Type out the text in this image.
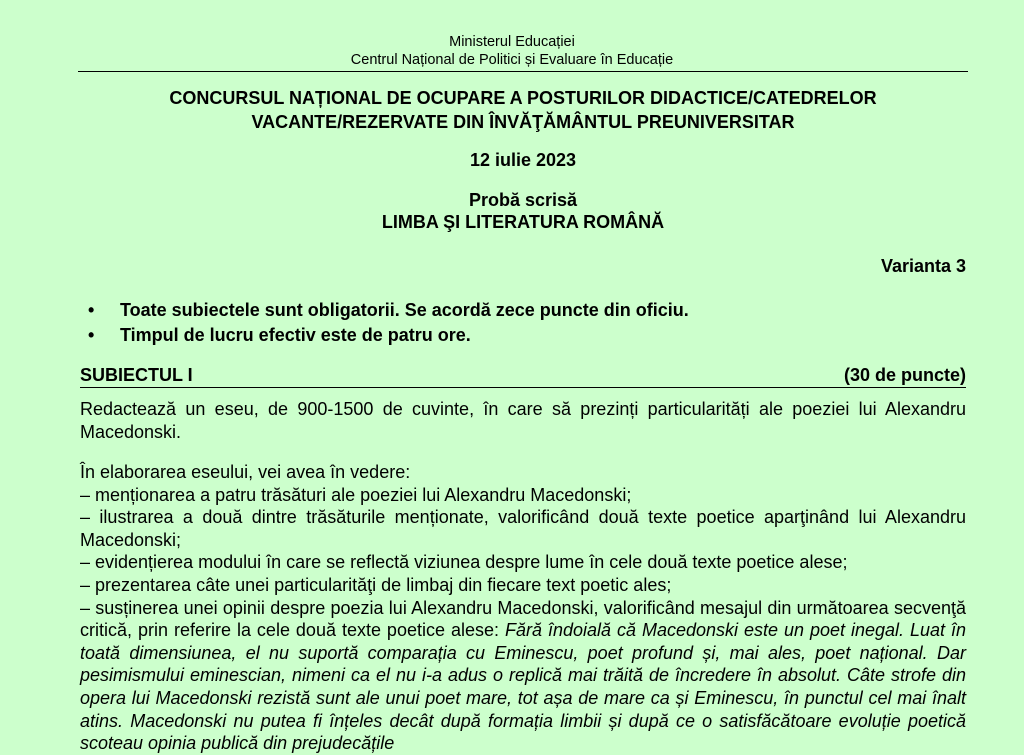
Ministerul Educației
Centrul Național de Politici și Evaluare în Educație
CONCURSUL NAȚIONAL DE OCUPARE A POSTURILOR DIDACTICE/CATEDRELOR
VACANTE/REZERVATE DIN ÎNVĂŢĂMÂNTUL PREUNIVERSITAR
12 iulie 2023
Probă scrisă
LIMBA ŞI LITERATURA ROMÂNĂ
Varianta 3
• Toate subiectele sunt obligatorii. Se acordă zece puncte din oficiu.
• Timpul de lucru efectiv este de patru ore.
SUBIECTUL I	(30 de puncte)

Redactează un eseu, de 900-1500 de cuvinte, în care să prezinți particularități ale poeziei lui Alexandru Macedonski.

În elaborarea eseului, vei avea în vedere:

– menționarea a patru trăsături ale poeziei lui Alexandru Macedonski;

– ilustrarea a două dintre trăsăturile menționate, valorificând două texte poetice aparţinând lui Alexandru Macedonski;

– evidențierea modului în care se reflectă viziunea despre lume în cele două texte poetice alese;

– prezentarea câte unei particularităţi de limbaj din fiecare text poetic ales;

– susținerea unei opinii despre poezia lui Alexandru Macedonski, valorificând mesajul din următoarea secvenţă critică, prin referire la cele două texte poetice alese: Fără îndoială că Macedonski este un poet inegal. Luat în toată dimensiunea, el nu suportă comparația cu Eminescu, poet profund și, mai ales, poet național. Dar pesimismului eminescian, nimeni ca el nu i-a adus o replică mai trăită de încredere în absolut. Câte strofe din opera lui Macedonski rezistă sunt ale unui poet mare, tot așa de mare ca și Eminescu, în punctul cel mai înalt atins. Macedonski nu putea fi înțeles decât după formația limbii și după ce o satisfăcătoare evoluție poetică scoteau opinia publică din prejudecățile
